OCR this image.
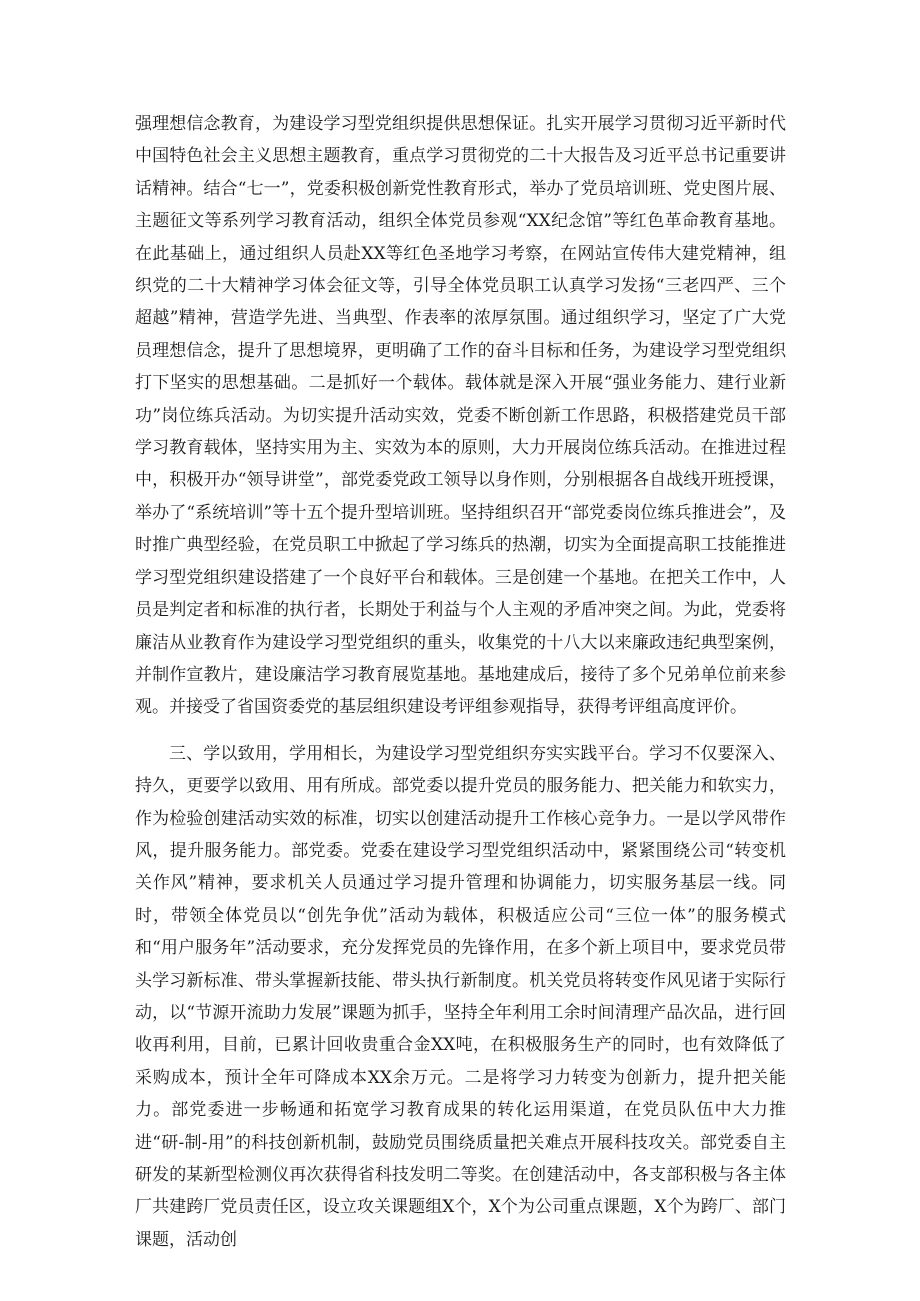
强理想信念教育，为建设学习型党组织提供思想保证。扎实开展学习贯彻习近平新时代中国特色社会主义思想主题教育，重点学习贯彻党的二十大报告及习近平总书记重要讲话精神。结合“七一”，党委积极创新党性教育形式，举办了党员培训班、党史图片展、主题征文等系列学习教育活动，组织全体党员参观“XX纪念馆”等红色革命教育基地。在此基础上，通过组织人员赴XX等红色圣地学习考察，在网站宣传伟大建党精神，组织党的二十大精神学习体会征文等，引导全体党员职工认真学习发扬“三老四严、三个超越”精神，营造学先进、当典型、作表率的浓厚氛围。通过组织学习，坚定了广大党员理想信念，提升了思想境界，更明确了工作的奋斗目标和任务，为建设学习型党组织打下坚实的思想基础。二是抓好一个载体。载体就是深入开展“强业务能力、建行业新功”岗位练兵活动。为切实提升活动实效，党委不断创新工作思路，积极搭建党员干部学习教育载体，坚持实用为主、实效为本的原则，大力开展岗位练兵活动。在推进过程中，积极开办“领导讲堂”，部党委党政工领导以身作则，分别根据各自战线开班授课，举办了“系统培训”等十五个提升型培训班。坚持组织召开“部党委岗位练兵推进会”，及时推广典型经验，在党员职工中掀起了学习练兵的热潮，切实为全面提高职工技能推进学习型党组织建设搭建了一个良好平台和载体。三是创建一个基地。在把关工作中，人员是判定者和标准的执行者，长期处于利益与个人主观的矛盾冲突之间。为此，党委将廉洁从业教育作为建设学习型党组织的重头，收集党的十八大以来廉政违纪典型案例，并制作宣教片，建设廉洁学习教育展览基地。基地建成后，接待了多个兄弟单位前来参观。并接受了省国资委党的基层组织建设考评组参观指导，获得考评组高度评价。

三、学以致用，学用相长，为建设学习型党组织夯实实践平台。学习不仅要深入、持久，更要学以致用、用有所成。部党委以提升党员的服务能力、把关能力和软实力，作为检验创建活动实效的标准，切实以创建活动提升工作核心竞争力。一是以学风带作风，提升服务能力。部党委。党委在建设学习型党组织活动中，紧紧围绕公司“转变机关作风”精神，要求机关人员通过学习提升管理和协调能力，切实服务基层一线。同时，带领全体党员以“创先争优”活动为载体，积极适应公司“三位一体”的服务模式和“用户服务年”活动要求，充分发挥党员的先锋作用，在多个新上项目中，要求党员带头学习新标准、带头掌握新技能、带头执行新制度。机关党员将转变作风见诸于实际行动，以“节源开流助力发展”课题为抓手，坚持全年利用工余时间清理产品次品，进行回收再利用，目前，已累计回收贵重合金XX吨，在积极服务生产的同时，也有效降低了采购成本，预计全年可降成本XX余万元。二是将学习力转变为创新力，提升把关能力。部党委进一步畅通和拓宽学习教育成果的转化运用渠道，在党员队伍中大力推进“研-制-用”的科技创新机制，鼓励党员围绕质量把关难点开展科技攻关。部党委自主研发的某新型检测仪再次获得省科技发明二等奖。在创建活动中，各支部积极与各主体厂共建跨厂党员责任区，设立攻关课题组X个，X个为公司重点课题，X个为跨厂、部门课题，活动创
